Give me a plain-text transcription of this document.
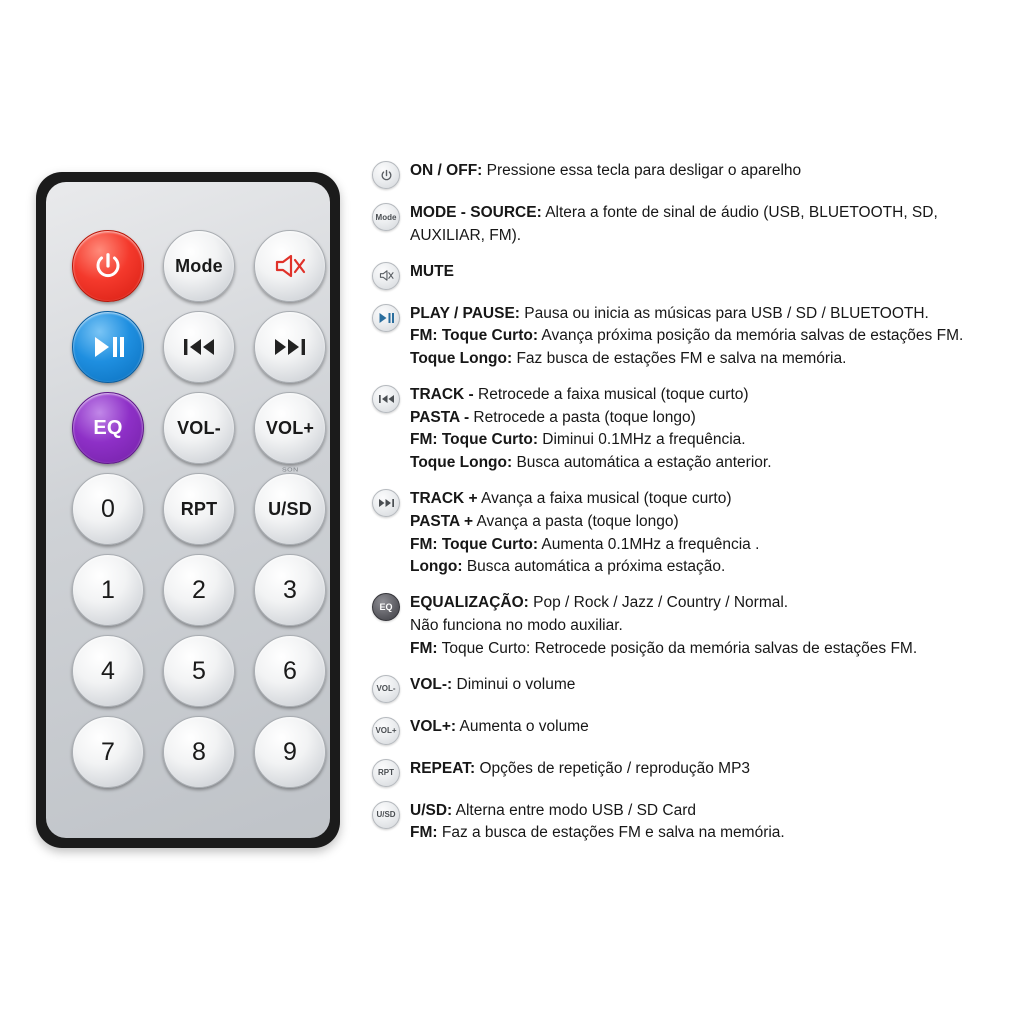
Mode
EQ	VOL- VOL+
SON
0	RPT	U/SD
1	2	3
4	5	6
7	8	9
ON / OFF: Pressione essa tecla para desligar o aparelho
Mode MODE - SOURCE: Altera a fonte de sinal de áudio (USB, BLUETOOTH, SD, AUXILIAR, FM).
MUTE
PLAY / PAUSE: Pausa ou inicia as músicas para USB / SD / BLUETOOTH.
FM: Toque Curto: Avança próxima posição da memória salvas de estações FM.
Toque Longo: Faz busca de estações FM e salva na memória.
TRACK - Retrocede a faixa musical (toque curto)
PASTA - Retrocede a pasta (toque longo)
FM: Toque Curto: Diminui 0.1MHz a frequência.
Toque Longo: Busca automática a estação anterior.
TRACK + Avança a faixa musical (toque curto)
PASTA + Avança a pasta (toque longo)
FM: Toque Curto: Aumenta 0.1MHz a frequência .
Longo: Busca automática a próxima estação.
EQ	EQUALIZAÇÃO: Pop / Rock / Jazz / Country / Normal.
Não funciona no modo auxiliar.
FM: Toque Curto: Retrocede posição da memória salvas de estações FM.
VOL- VOL-: Diminui o volume
VOL+ VOL+: Aumenta o volume
RPT	REPEAT: Opções de repetição / reprodução MP3
U/SD U/SD: Alterna entre modo USB / SD Card
FM: Faz a busca de estações FM e salva na memória.
